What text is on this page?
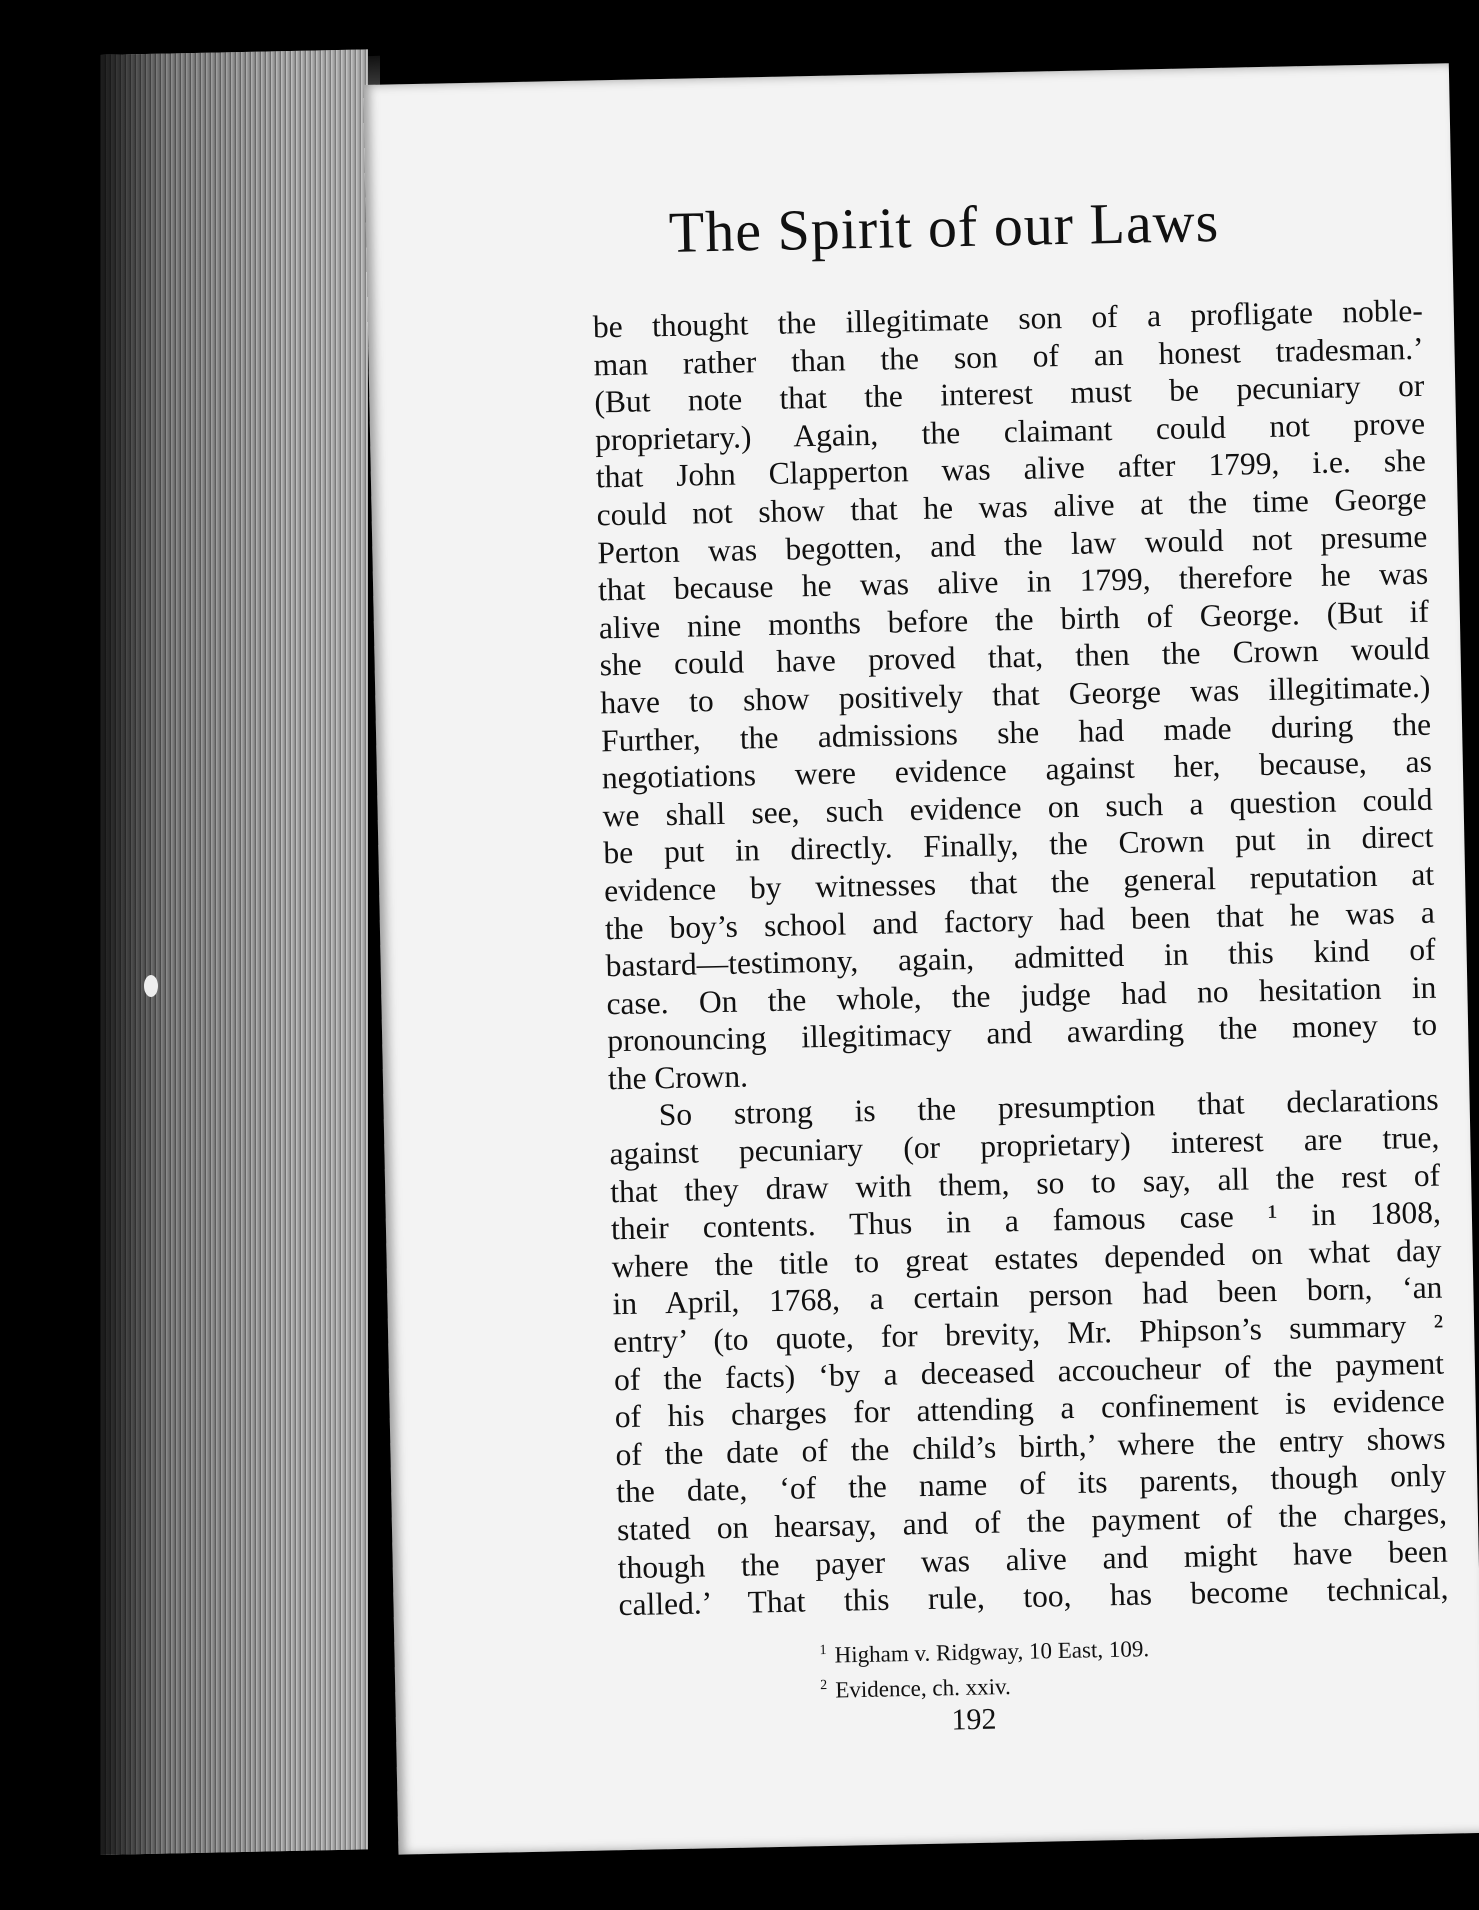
The Spirit of our Laws
be thought the illegitimate son of a profligate noble-
man rather than the son of an honest tradesman.’
(But note that the interest must be pecuniary or
proprietary.) Again, the claimant could not prove
that John Clapperton was alive after 1799, i.e. she
could not show that he was alive at the time George
Perton was begotten, and the law would not presume
that because he was alive in 1799, therefore he was
alive nine months before the birth of George. (But if
she could have proved that, then the Crown would
have to show positively that George was illegitimate.)
Further, the admissions she had made during the
negotiations were evidence against her, because, as
we shall see, such evidence on such a question could
be put in directly. Finally, the Crown put in direct
evidence by witnesses that the general reputation at
the boy’s school and factory had been that he was a
bastard—testimony, again, admitted in this kind of
case. On the whole, the judge had no hesitation in
pronouncing illegitimacy and awarding the money to
the Crown.
So strong is the presumption that declarations
against pecuniary (or proprietary) interest are true,
that they draw with them, so to say, all the rest of
their contents. Thus in a famous case ¹ in 1808,
where the title to great estates depended on what day
in April, 1768, a certain person had been born, ‘an
entry’ (to quote, for brevity, Mr. Phipson’s summary ²
of the facts) ‘by a deceased accoucheur of the payment
of his charges for attending a confinement is evidence
of the date of the child’s birth,’ where the entry shows
the date, ‘of the name of its parents, though only
stated on hearsay, and of the payment of the charges,
though the payer was alive and might have been
called.’ That this rule, too, has become technical,
$^1$ Higham v. Ridgway, 10 East, 109.
$^2$ Evidence, ch. xxiv.
192
